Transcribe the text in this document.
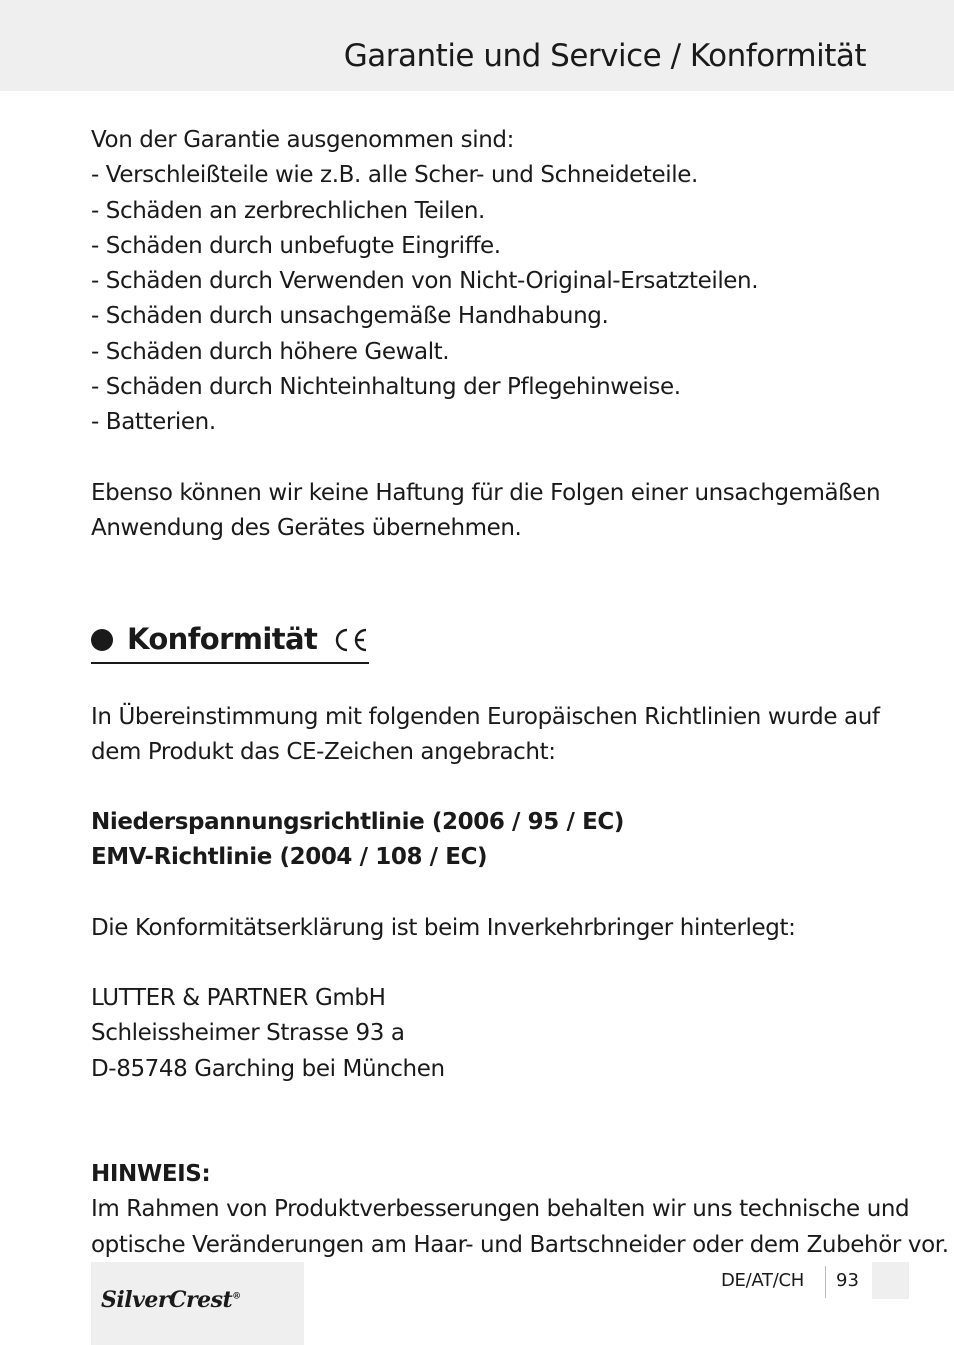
Garantie und Service / Konformität
Von der Garantie ausgenommen sind:
- Verschleißteile wie z.B. alle Scher- und Schneideteile.
- Schäden an zerbrechlichen Teilen.
- Schäden durch unbefugte Eingriffe.
- Schäden durch Verwenden von Nicht-Original-Ersatzteilen.
- Schäden durch unsachgemäße Handhabung.
- Schäden durch höhere Gewalt.
- Schäden durch Nichteinhaltung der Pflegehinweise.
- Batterien.
Ebenso können wir keine Haftung für die Folgen einer unsachgemäßen
Anwendung des Gerätes übernehmen.
Konformität
In Übereinstimmung mit folgenden Europäischen Richtlinien wurde auf
dem Produkt das CE-Zeichen angebracht:
Niederspannungsrichtlinie (2006 / 95 / EC)
EMV-Richtlinie (2004 / 108 / EC)
Die Konformitätserklärung ist beim Inverkehrbringer hinterlegt:
LUTTER & PARTNER GmbH
Schleissheimer Strasse 93 a
D-85748 Garching bei München
HINWEIS:
Im Rahmen von Produktverbesserungen behalten wir uns technische und
optische Veränderungen am Haar- und Bartschneider oder dem Zubehör vor.
SilverCrest®
DE/AT/CH 93
